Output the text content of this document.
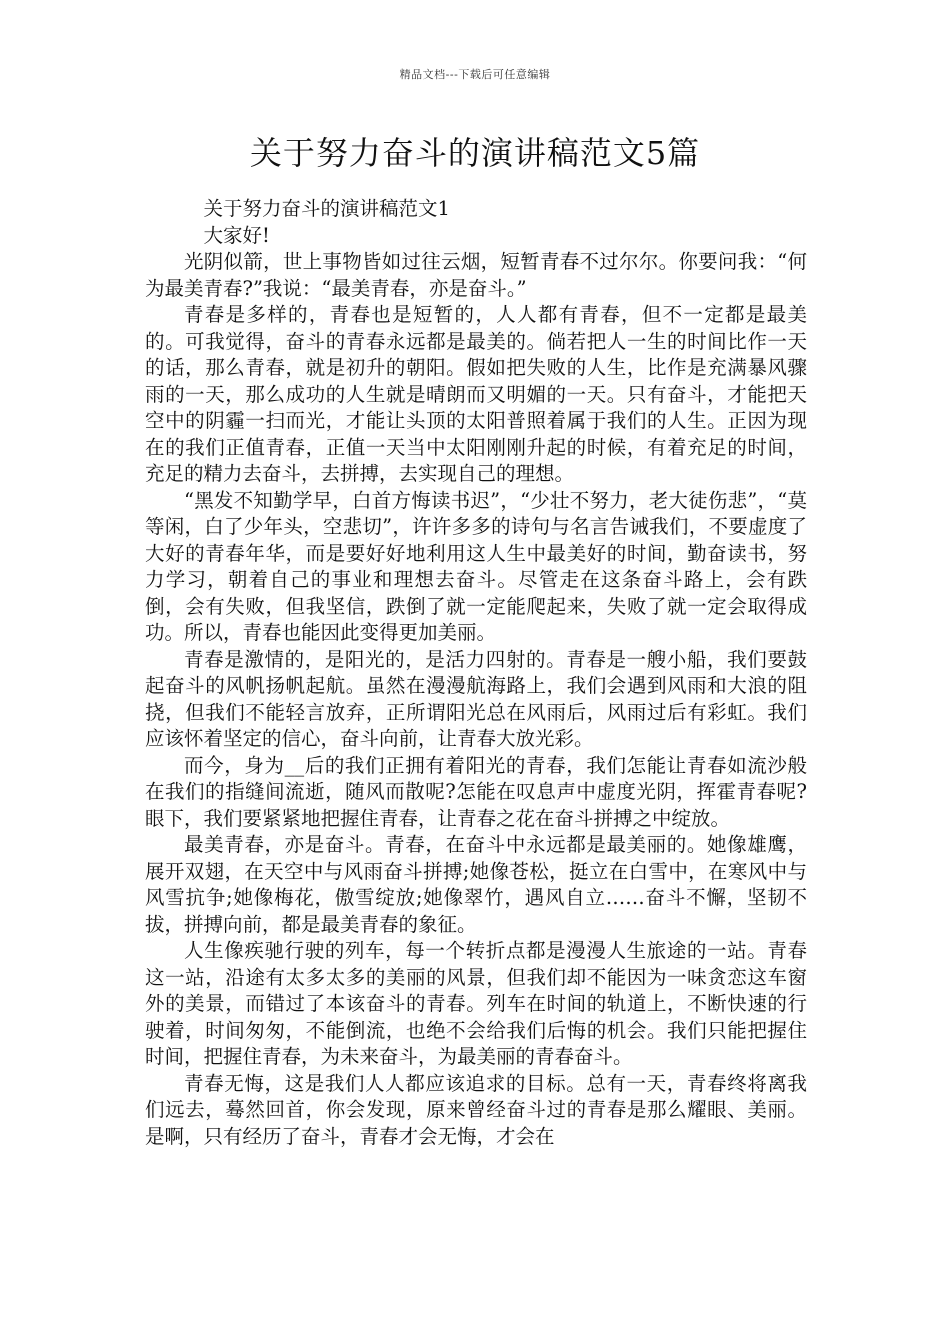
精品文档---下载后可任意编辑
关于努力奋斗的演讲稿范文5篇

关于努力奋斗的演讲稿范文1

大家好!

光阴似箭，世上事物皆如过往云烟，短暂青春不过尔尔。你要问我：“何为最美青春?”我说：“最美青春，亦是奋斗。”

青春是多样的，青春也是短暂的，人人都有青春，但不一定都是最美的。可我觉得，奋斗的青春永远都是最美的。倘若把人一生的时间比作一天的话，那么青春，就是初升的朝阳。假如把失败的人生，比作是充满暴风骤雨的一天，那么成功的人生就是晴朗而又明媚的一天。只有奋斗，才能把天空中的阴霾一扫而光，才能让头顶的太阳普照着属于我们的人生。正因为现在的我们正值青春，正值一天当中太阳刚刚升起的时候，有着充足的时间，充足的精力去奋斗，去拼搏，去实现自己的理想。

“黑发不知勤学早，白首方悔读书迟”，“少壮不努力，老大徒伤悲”，“莫等闲，白了少年头，空悲切”，许许多多的诗句与名言告诫我们，不要虚度了大好的青春年华，而是要好好地利用这人生中最美好的时间，勤奋读书，努力学习，朝着自己的事业和理想去奋斗。尽管走在这条奋斗路上，会有跌倒，会有失败，但我坚信，跌倒了就一定能爬起来，失败了就一定会取得成功。所以，青春也能因此变得更加美丽。

青春是激情的，是阳光的，是活力四射的。青春是一艘小船，我们要鼓起奋斗的风帆扬帆起航。虽然在漫漫航海路上，我们会遇到风雨和大浪的阻挠，但我们不能轻言放弃，正所谓阳光总在风雨后，风雨过后有彩虹。我们应该怀着坚定的信心，奋斗向前，让青春大放光彩。

而今，身为__后的我们正拥有着阳光的青春，我们怎能让青春如流沙般在我们的指缝间流逝，随风而散呢?怎能在叹息声中虚度光阴，挥霍青春呢?眼下，我们要紧紧地把握住青春，让青春之花在奋斗拼搏之中绽放。

最美青春，亦是奋斗。青春，在奋斗中永远都是最美丽的。她像雄鹰，展开双翅，在天空中与风雨奋斗拼搏;她像苍松，挺立在白雪中，在寒风中与风雪抗争;她像梅花，傲雪绽放;她像翠竹，遇风自立……奋斗不懈，坚韧不拔，拼搏向前，都是最美青春的象征。

人生像疾驰行驶的列车，每一个转折点都是漫漫人生旅途的一站。青春这一站，沿途有太多太多的美丽的风景，但我们却不能因为一味贪恋这车窗外的美景，而错过了本该奋斗的青春。列车在时间的轨道上，不断快速的行驶着，时间匆匆，不能倒流，也绝不会给我们后悔的机会。我们只能把握住时间，把握住青春，为未来奋斗，为最美丽的青春奋斗。

青春无悔，这是我们人人都应该追求的目标。总有一天，青春终将离我们远去，蓦然回首，你会发现，原来曾经奋斗过的青春是那么耀眼、美丽。是啊，只有经历了奋斗，青春才会无悔，才会在
